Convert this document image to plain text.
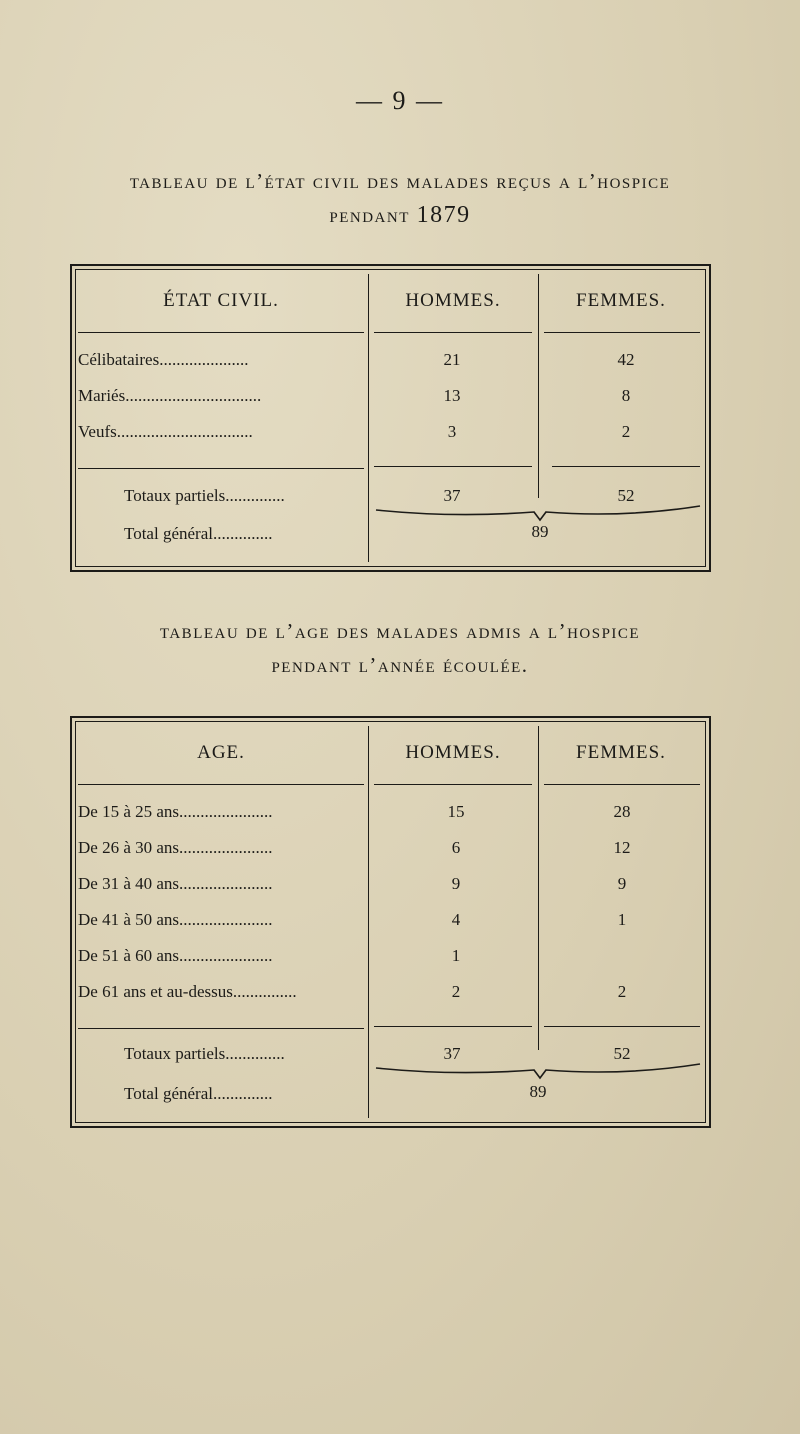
— 9 —
tableau de l’état civil des malades reçus a l’hospice
pendant 1879
ÉTAT CIVIL.	HOMMES.	FEMMES.
Célibataires.....................	21	42
Mariés................................	13	8
Veufs................................	3	2
Totaux partiels..............	37	52
Total général..............	89
tableau de l’age des malades admis a l’hospice
pendant l’année écoulée.
AGE.	HOMMES.	FEMMES.
De 15 à 25 ans......................	15	28
De 26 à 30 ans......................	6	12
De 31 à 40 ans......................	9	9
De 41 à 50 ans......................	4	1
De 51 à 60 ans......................	1
De 61 ans et au-dessus...............	2	2
Totaux partiels..............	37	52
Total général..............	89
